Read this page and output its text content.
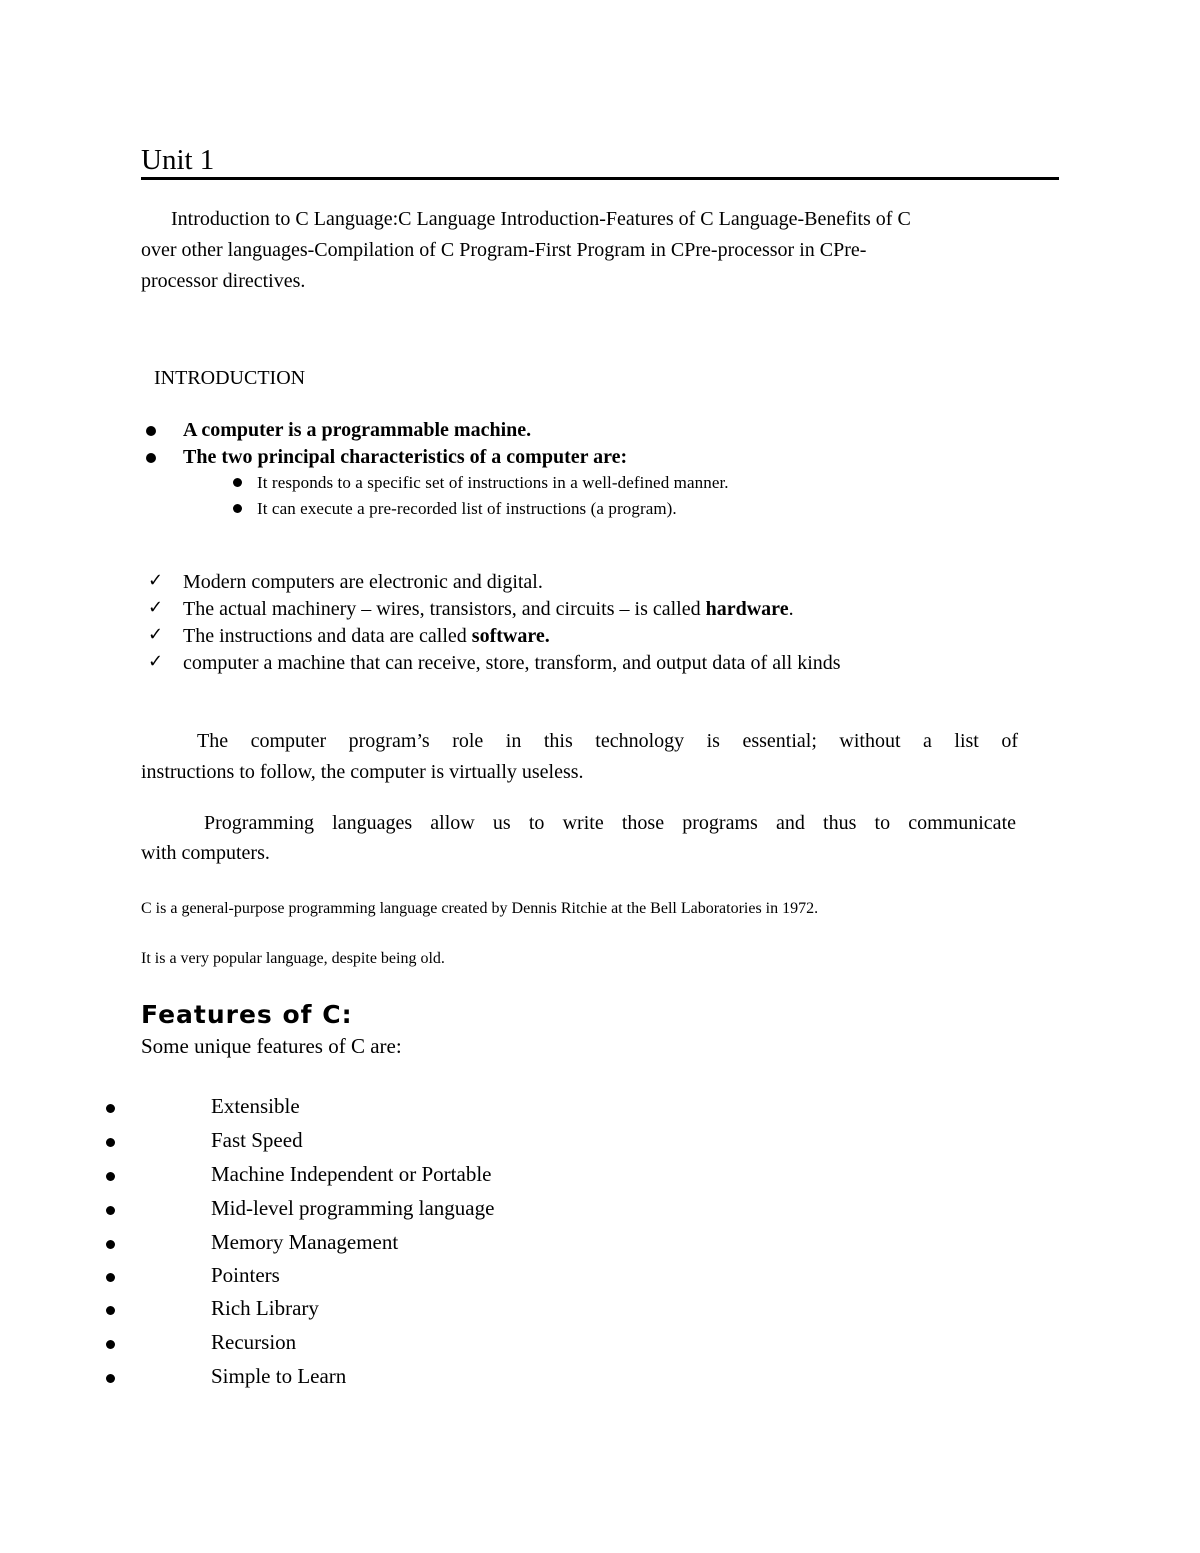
Unit 1
Introduction to C Language:C Language Introduction-Features of C Language-Benefits of C
over other languages-Compilation of C Program-First Program in CPre-processor in CPre-
processor directives.
INTRODUCTION
A computer is a programmable machine.
The two principal characteristics of a computer are:
It responds to a specific set of instructions in a well-defined manner.
It can execute a pre-recorded list of instructions (a program).
✓ Modern computers are electronic and digital.
✓ The actual machinery – wires, transistors, and circuits – is called hardware.
✓ The instructions and data are called software.
✓ computer a machine that can receive, store, transform, and output data of all kinds
The computer program’s role in this technology is essential; without a list of
instructions to follow, the computer is virtually useless.
Programming languages allow us to write those programs and thus to communicate
with computers.
C is a general-purpose programming language created by Dennis Ritchie at the Bell Laboratories in 1972.
It is a very popular language, despite being old.
Features of C:
Some unique features of C are:
Extensible
Fast Speed
Machine Independent or Portable
Mid-level programming language
Memory Management
Pointers
Rich Library
Recursion
Simple to Learn
